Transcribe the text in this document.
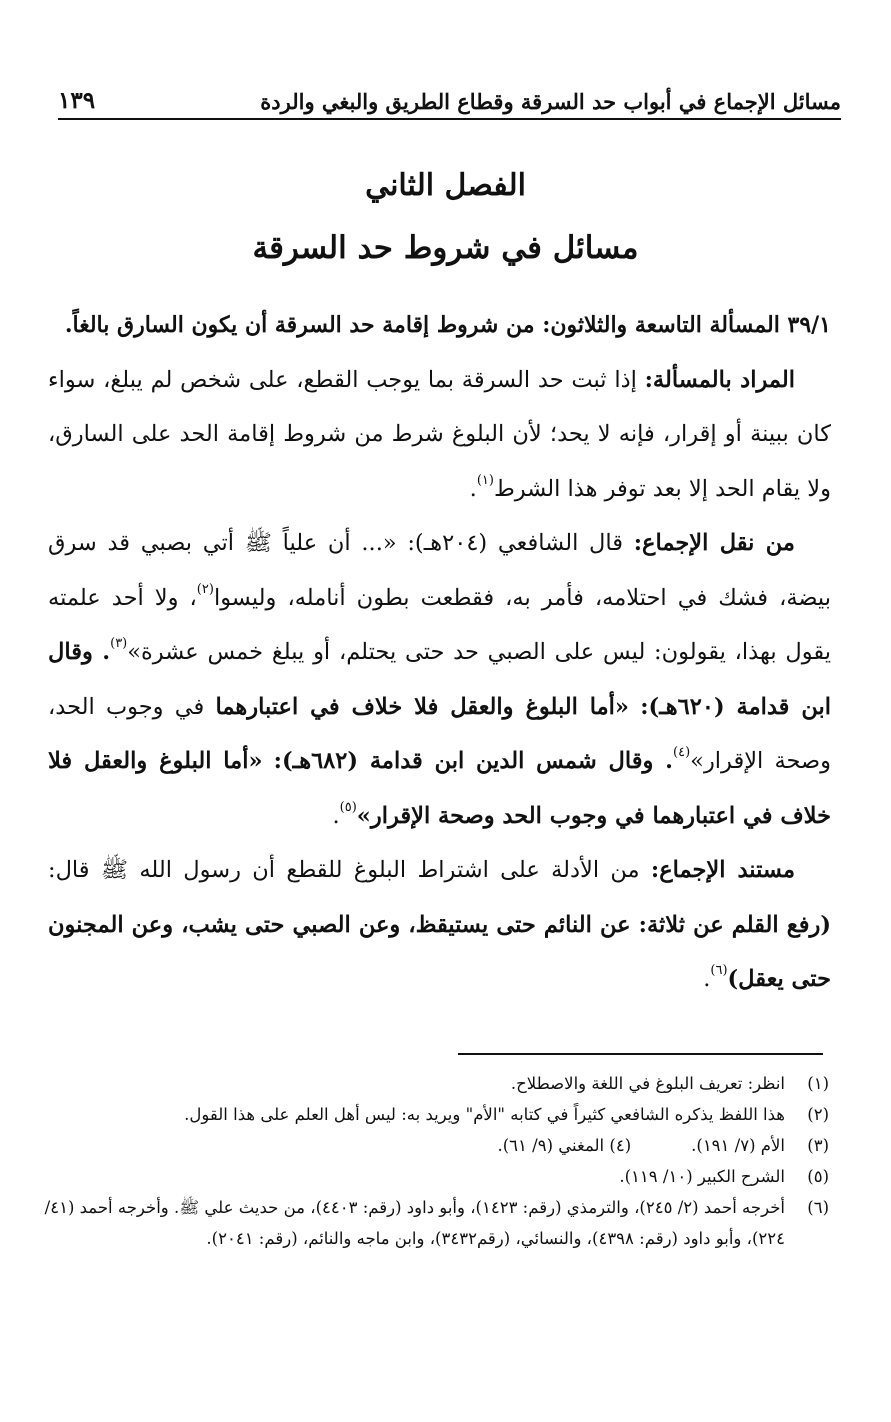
مسائل الإجماع في أبواب حد السرقة وقطاع الطريق والبغي والردة
١٣٩
الفصل الثاني
مسائل في شروط حد السرقة

٣٩/١ المسألة التاسعة والثلاثون: من شروط إقامة حد السرقة أن يكون السارق بالغاً.

المراد بالمسألة: إذا ثبت حد السرقة بما يوجب القطع، على شخص لم يبلغ، سواء كان ببينة أو إقرار، فإنه لا يحد؛ لأن البلوغ شرط من شروط إقامة الحد على السارق، ولا يقام الحد إلا بعد توفر هذا الشرط$^{(١)}$.

من نقل الإجماع: قال الشافعي (٢٠٤هـ): «... أن علياً ﷺ أتي بصبي قد سرق بيضة، فشك في احتلامه، فأمر به، فقطعت بطون أنامله، وليسوا$^{(٢)}$، ولا أحد علمته يقول بهذا، يقولون: ليس على الصبي حد حتى يحتلم، أو يبلغ خمس عشرة»$^{(٣)}$. وقال ابن قدامة (٦٢٠هـ): «أما البلوغ والعقل فلا خلاف في اعتبارهما في وجوب الحد، وصحة الإقرار»$^{(٤)}$. وقال شمس الدين ابن قدامة (٦٨٢هـ): «أما البلوغ والعقل فلا خلاف في اعتبارهما في وجوب الحد وصحة الإقرار»$^{(٥)}$.

مستند الإجماع: من الأدلة على اشتراط البلوغ للقطع أن رسول الله ﷺ قال: (رفع القلم عن ثلاثة: عن النائم حتى يستيقظ، وعن الصبي حتى يشب، وعن المجنون حتى يعقل)$^{(٦)}$.

(١)
انظر: تعريف البلوغ في اللغة والاصطلاح.

(٢)
هذا اللفظ يذكره الشافعي كثيراً في كتابه "الأم" ويريد به: ليس أهل العلم على هذا القول.

(٣)
الأم (٧/ ١٩١).
(٤) المغني (٩/ ٦١).

(٥)
الشرح الكبير (١٠/ ١١٩).

(٦)
أخرجه أحمد (٢/ ٢٤٥)، والترمذي (رقم: ١٤٢٣)، وأبو داود (رقم: ٤٤٠٣)، من حديث علي ﷺ. وأخرجه أحمد (٤١/ ٢٢٤)، وأبو داود (رقم: ٤٣٩٨)، والنسائي، (رقم٣٤٣٢)، وابن ماجه والنائم، (رقم: ٢٠٤١).
